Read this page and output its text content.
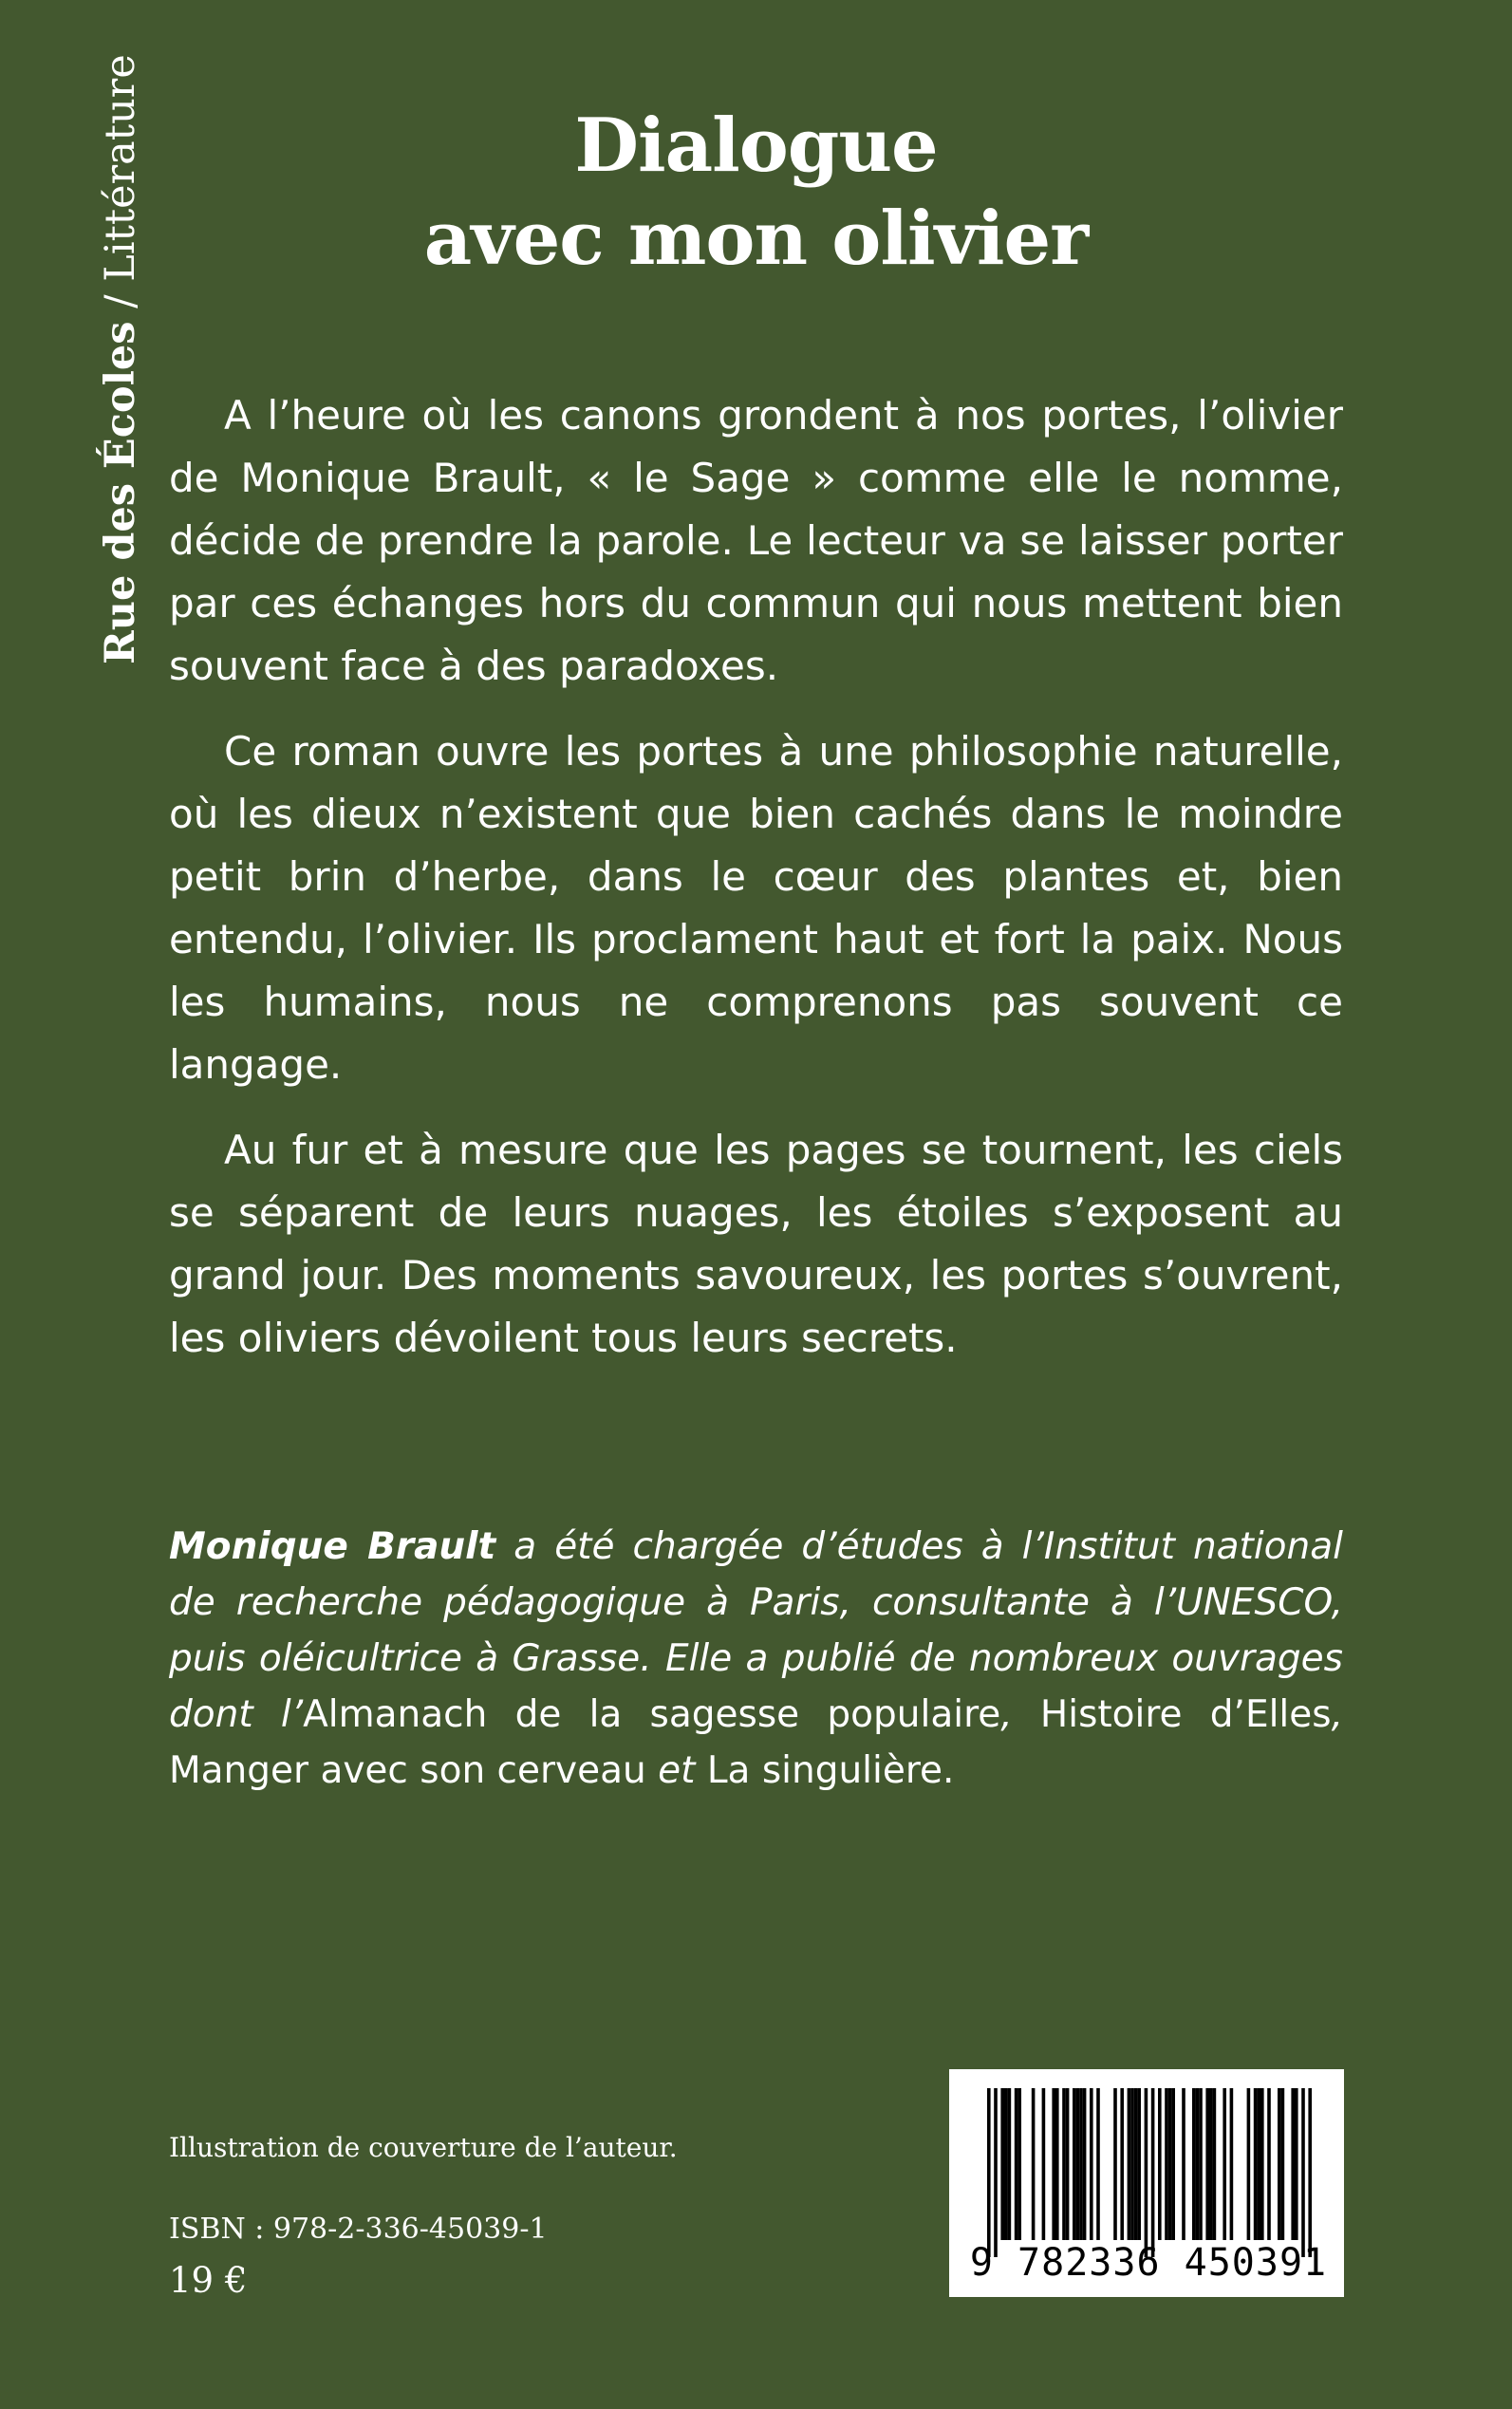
Rue des Écoles / Littérature	Dialogue
avec mon olivier

A l’heure où les canons grondent à nos portes, l’olivier de Monique Brault, « le Sage » comme elle le nomme, décide de prendre la parole. Le lecteur va se laisser porter par ces échanges hors du commun qui nous mettent bien souvent face à des paradoxes.

Ce roman ouvre les portes à une philosophie naturelle, où les dieux n’existent que bien cachés dans le moindre petit brin d’herbe, dans le cœur des plantes et, bien entendu, l’olivier. Ils proclament haut et fort la paix. Nous les humains, nous ne comprenons pas souvent ce langage.

Au fur et à mesure que les pages se tournent, les ciels se séparent de leurs nuages, les étoiles s’exposent au grand jour. Des moments savoureux, les portes s’ouvrent, les oliviers dévoilent tous leurs secrets.

Monique Brault a été chargée d’études à l’Institut national de recherche pédagogique à Paris, consultante à l’UNESCO, puis oléicultrice à Grasse. Elle a publié de nombreux ouvrages dont l’Almanach de la sagesse populaire, Histoire d’Elles, Manger avec son cerveau et La singulière.
Illustration de couverture de l’auteur.
ISBN : 978-2-336-45039-1
19 €	9 782336 450391
